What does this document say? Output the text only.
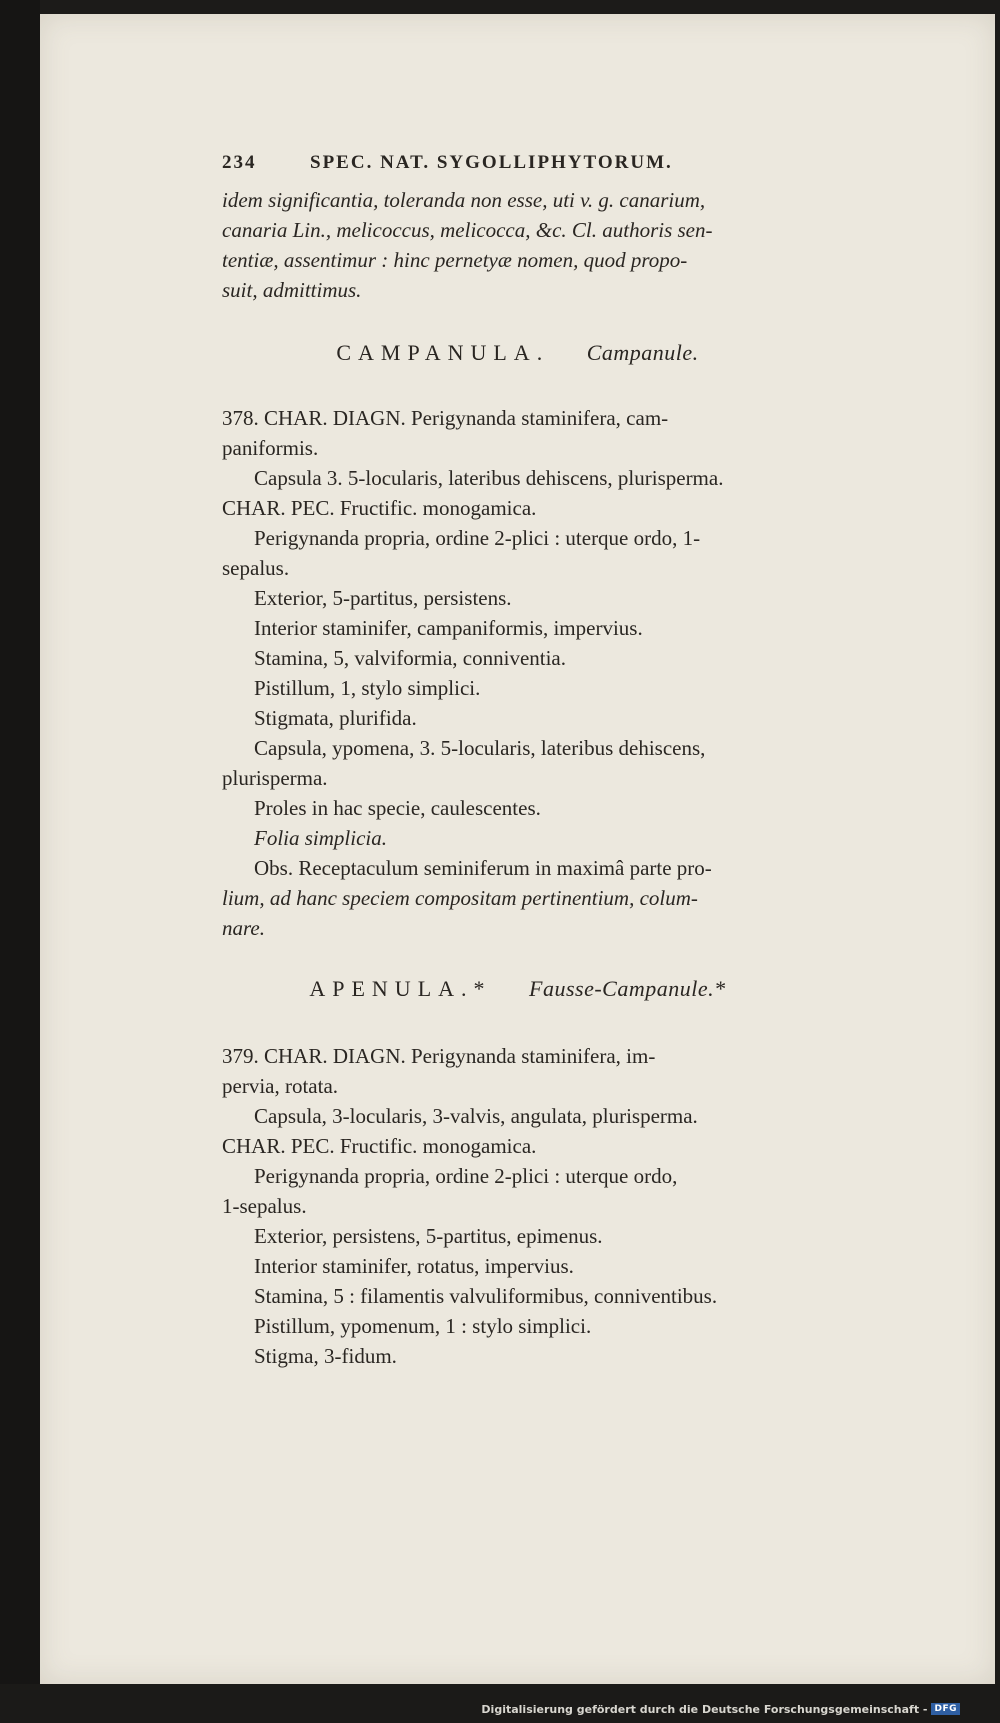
234	SPEC. NAT. SYGOLLIPHYTORUM.
idem significantia, toleranda non esse, uti v. g. canarium,
canaria Lin., melicoccus, melicocca, &c. Cl. authoris sen-
tentiæ, assentimur : hinc pernetyæ nomen, quod propo-
suit, admittimus.
CAMPANULA. Campanule.
378. CHAR. DIAGN. Perigynanda staminifera, cam-
paniformis.
Capsula 3. 5-locularis, lateribus dehiscens, plurisperma.
CHAR. PEC. Fructific. monogamica.
Perigynanda propria, ordine 2-plici : uterque ordo, 1-
sepalus.
Exterior, 5-partitus, persistens.
Interior staminifer, campaniformis, impervius.
Stamina, 5, valviformia, conniventia.
Pistillum, 1, stylo simplici.
Stigmata, plurifida.
Capsula, ypomena, 3. 5-locularis, lateribus dehiscens,
plurisperma.
Proles in hac specie, caulescentes.
Folia simplicia.
Obs. Receptaculum seminiferum in maximâ parte pro-
lium, ad hanc speciem compositam pertinentium, colum-
nare.
APENULA.* Fausse-Campanule.*
379. CHAR. DIAGN. Perigynanda staminifera, im-
pervia, rotata.
Capsula, 3-locularis, 3-valvis, angulata, plurisperma.
CHAR. PEC. Fructific. monogamica.
Perigynanda propria, ordine 2-plici : uterque ordo,
1-sepalus.
Exterior, persistens, 5-partitus, epimenus.
Interior staminifer, rotatus, impervius.
Stamina, 5 : filamentis valvuliformibus, conniventibus.
Pistillum, ypomenum, 1 : stylo simplici.
Stigma, 3-fidum.
Digitalisierung gefördert durch die Deutsche Forschungsgemeinschaft - DFG
